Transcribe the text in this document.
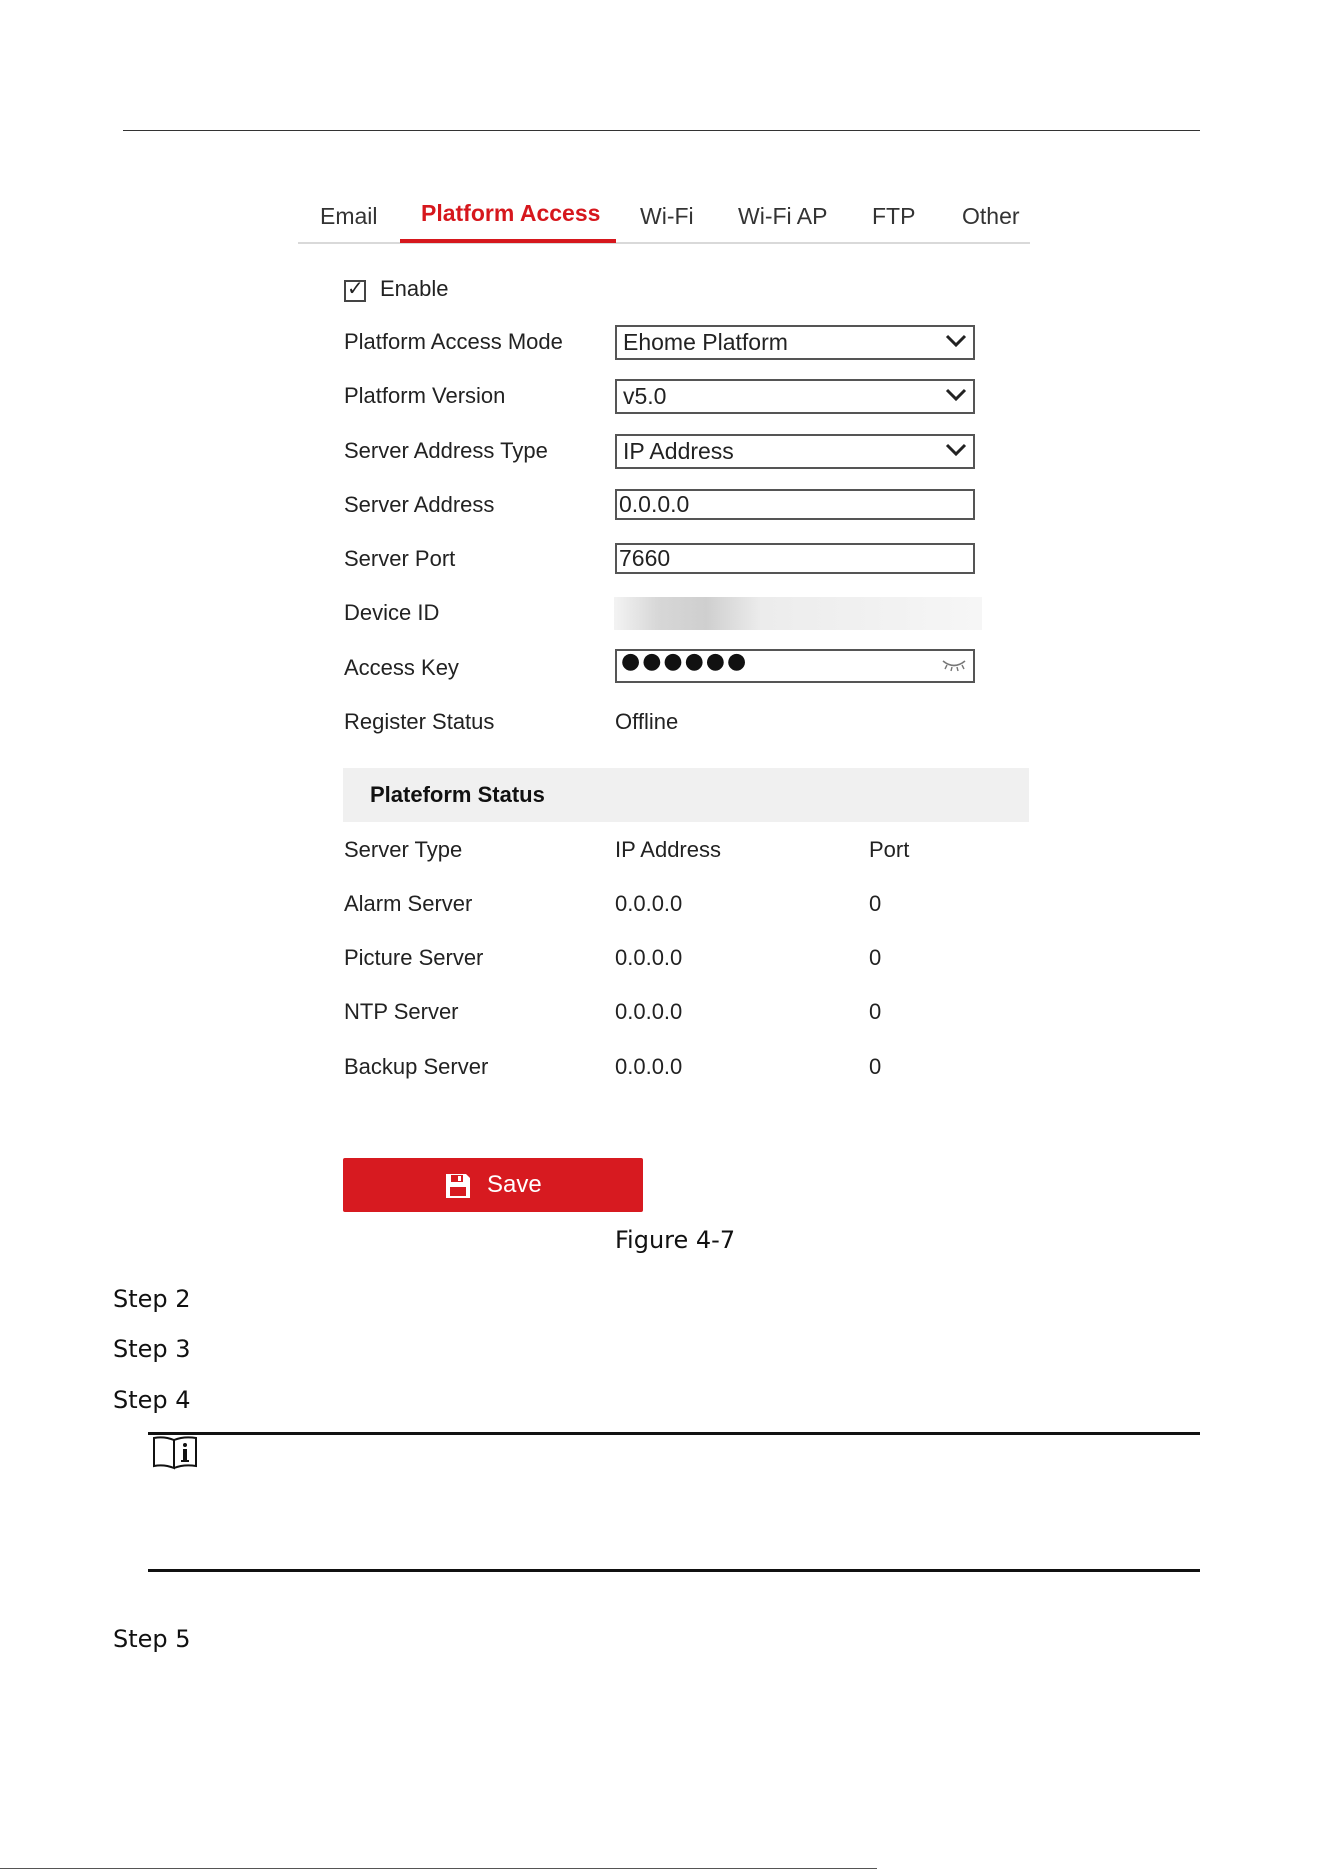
Email Platform Access Wi-Fi Wi-Fi AP FTP Other
✓ Enable
Platform Access Mode	Ehome Platform
Platform Version	v5.0
Server Address Type	IP Address
Server Address	0.0.0.0
Server Port	7660
Device ID
Access Key	●●●●●●
Register Status	Offline
Plateform Status
Server Type	IP Address	Port
Alarm Server	0.0.0.0	0
Picture Server	0.0.0.0	0
NTP Server	0.0.0.0	0
Backup Server	0.0.0.0	0
Save
Figure 4-7
Step 2
Step 3
Step 4
Step 5
